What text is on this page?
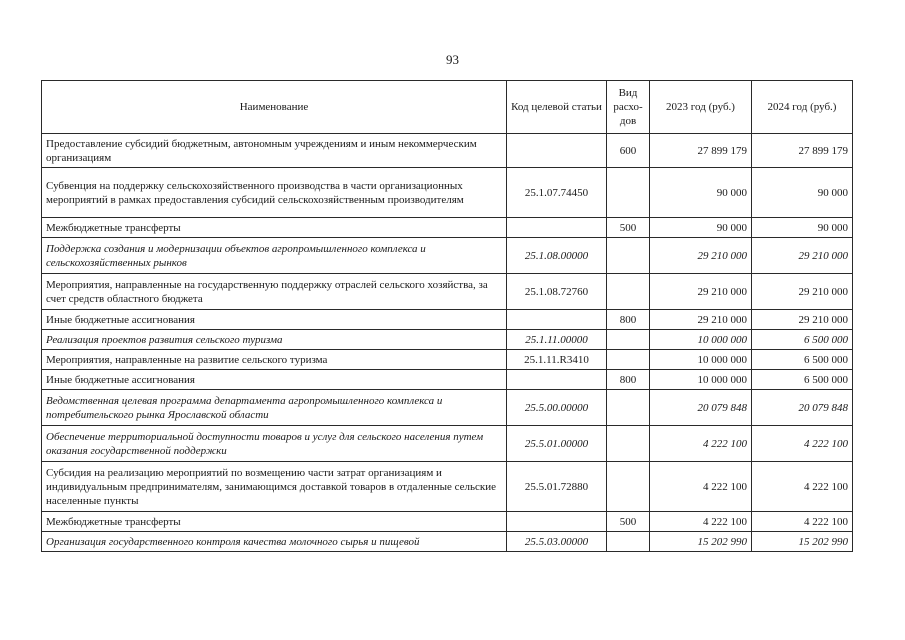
93
Наименование	Код целевой статьи	Вид расхо-дов	2023 год (руб.)	2024 год (руб.)
Предоставление субсидий бюджетным, автономным учреждениям и иным некоммерческим организациям		600	27 899 179	27 899 179
Субвенция на поддержку сельскохозяйственного производства в части организационных мероприятий в рамках предоставления субсидий сельскохозяйственным производителям	25.1.07.74450		90 000	90 000
Межбюджетные трансферты		500	90 000	90 000
Поддержка создания и модернизации объектов агропромышленного комплекса и сельскохозяйственных рынков	25.1.08.00000		29 210 000	29 210 000
Мероприятия, направленные на государственную поддержку отраслей сельского хозяйства, за счет средств областного бюджета	25.1.08.72760		29 210 000	29 210 000
Иные бюджетные ассигнования		800	29 210 000	29 210 000
Реализация проектов развития сельского туризма	25.1.11.00000		10 000 000	6 500 000
Мероприятия, направленные на развитие сельского туризма	25.1.11.R3410		10 000 000	6 500 000
Иные бюджетные ассигнования		800	10 000 000	6 500 000
Ведомственная целевая программа департамента агропромышленного комплекса и потребительского рынка Ярославской области	25.5.00.00000		20 079 848	20 079 848
Обеспечение территориальной доступности товаров и услуг для сельского населения путем оказания государственной поддержки	25.5.01.00000		4 222 100	4 222 100
Субсидия на реализацию мероприятий по возмещению части затрат организациям и индивидуальным предпринимателям, занимающимся доставкой товаров в отдаленные сельские населенные пункты	25.5.01.72880		4 222 100	4 222 100
Межбюджетные трансферты		500	4 222 100	4 222 100
Организация государственного контроля качества молочного сырья и пищевой	25.5.03.00000		15 202 990	15 202 990
